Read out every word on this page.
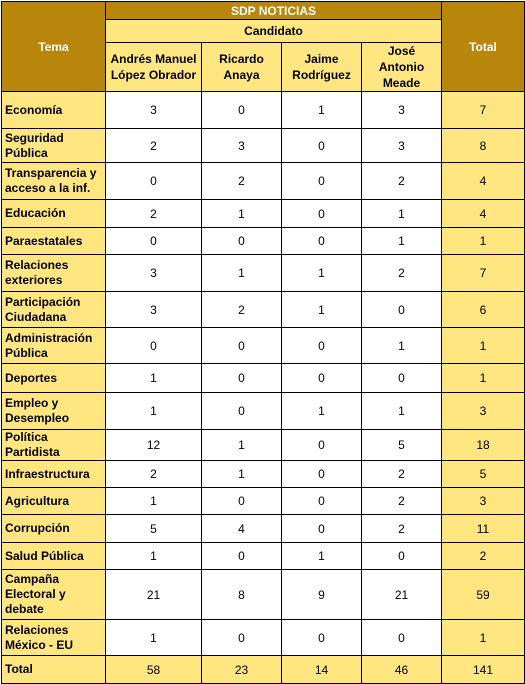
Tema	SDP NOTICIAS				Total
	Candidato				
	Andrés Manuel López Obrador	Ricardo Anaya	Jaime Rodríguez	José Antonio Meade	
Economía	3	0	1	3	7
Seguridad Pública	2	3	0	3	8
Transparencia y acceso a la inf.	0	2	0	2	4
Educación	2	1	0	1	4
Paraestatales	0	0	0	1	1
Relaciones exteriores	3	1	1	2	7
Participación Ciudadana	3	2	1	0	6
Administración Pública	0	0	0	1	1
Deportes	1	0	0	0	1
Empleo y Desempleo	1	0	1	1	3
Política Partidista	12	1	0	5	18
Infraestructura	2	1	0	2	5
Agricultura	1	0	0	2	3
Corrupción	5	4	0	2	11
Salud Pública	1	0	1	0	2
Campaña Electoral y debate	21	8	9	21	59
Relaciones México - EU	1	0	0	0	1
Total	58	23	14	46	141
